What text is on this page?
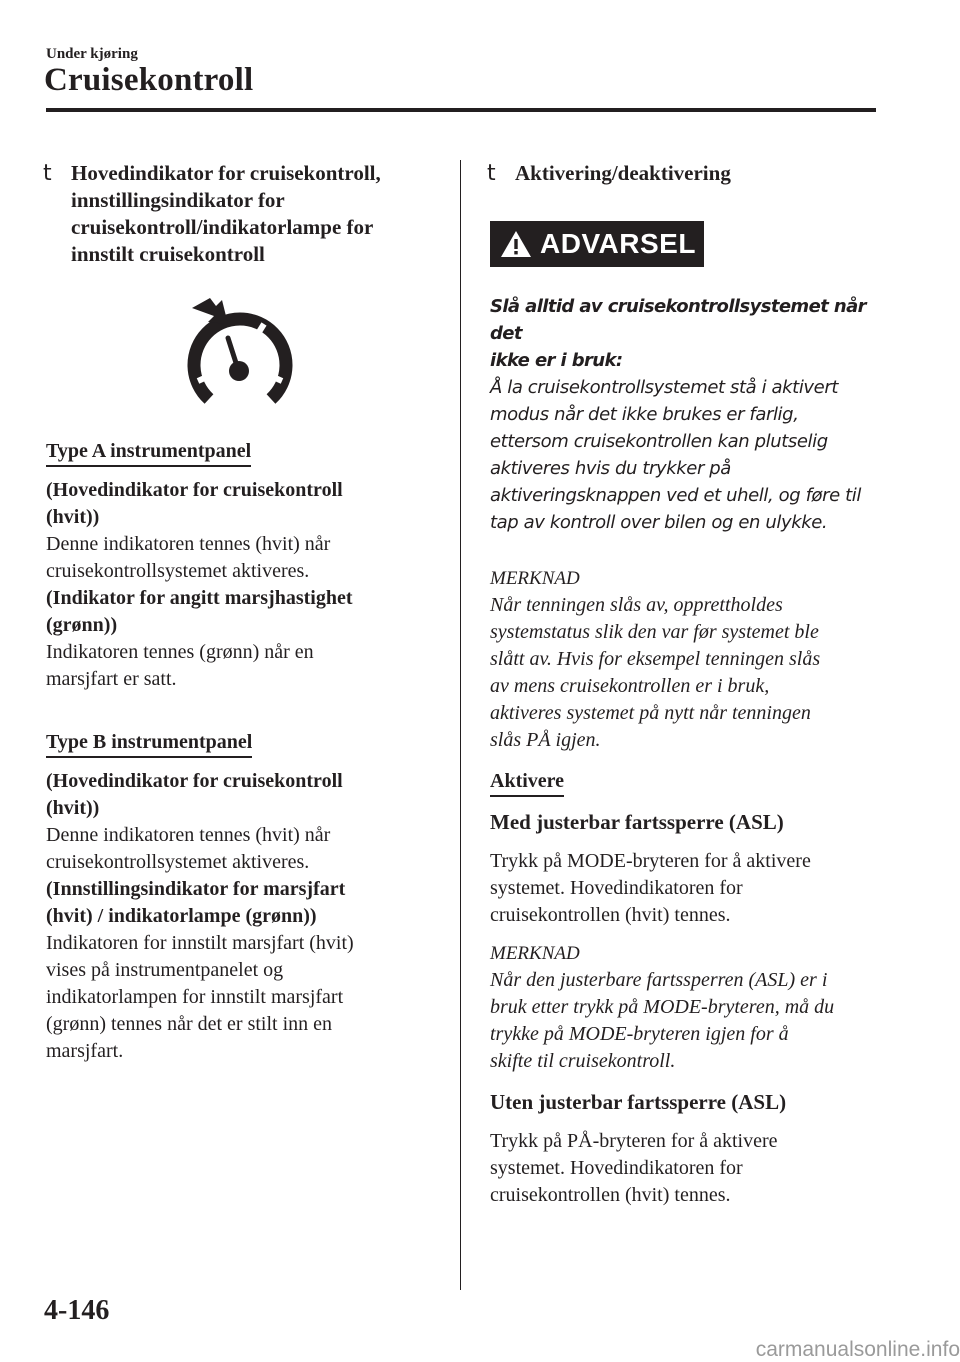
Under kjøring
Cruisekontroll
t Hovedindikator for cruisekontroll,
innstillingsindikator for
cruisekontroll/indikatorlampe for
innstilt cruisekontroll
Type A instrumentpanel
(Hovedindikator for cruisekontroll
(hvit))
Denne indikatoren tennes (hvit) når
cruisekontrollsystemet aktiveres.
(Indikator for angitt marsjhastighet
(grønn))
Indikatoren tennes (grønn) når en
marsjfart er satt.
Type B instrumentpanel
(Hovedindikator for cruisekontroll
(hvit))
Denne indikatoren tennes (hvit) når
cruisekontrollsystemet aktiveres.
(Innstillingsindikator for marsjfart
(hvit) / indikatorlampe (grønn))
Indikatoren for innstilt marsjfart (hvit)
vises på instrumentpanelet og
indikatorlampen for innstilt marsjfart
(grønn) tennes når det er stilt inn en
marsjfart.
t Aktivering/deaktivering
ADVARSEL
Slå alltid av cruisekontrollsystemet når det
ikke er i bruk:
Å la cruisekontrollsystemet stå i aktivert
modus når det ikke brukes er farlig,
ettersom cruisekontrollen kan plutselig
aktiveres hvis du trykker på
aktiveringsknappen ved et uhell, og føre til
tap av kontroll over bilen og en ulykke.
MERKNAD
Når tenningen slås av, opprettholdes
systemstatus slik den var før systemet ble
slått av. Hvis for eksempel tenningen slås
av mens cruisekontrollen er i bruk,
aktiveres systemet på nytt når tenningen
slås PÅ igjen.
Aktivere
Med justerbar fartssperre (ASL)
Trykk på MODE-bryteren for å aktivere
systemet. Hovedindikatoren for
cruisekontrollen (hvit) tennes.
MERKNAD
Når den justerbare fartssperren (ASL) er i
bruk etter trykk på MODE-bryteren, må du
trykke på MODE-bryteren igjen for å
skifte til cruisekontroll.
Uten justerbar fartssperre (ASL)
Trykk på PÅ-bryteren for å aktivere
systemet. Hovedindikatoren for
cruisekontrollen (hvit) tennes.
4-146
carmanualsonline.info
